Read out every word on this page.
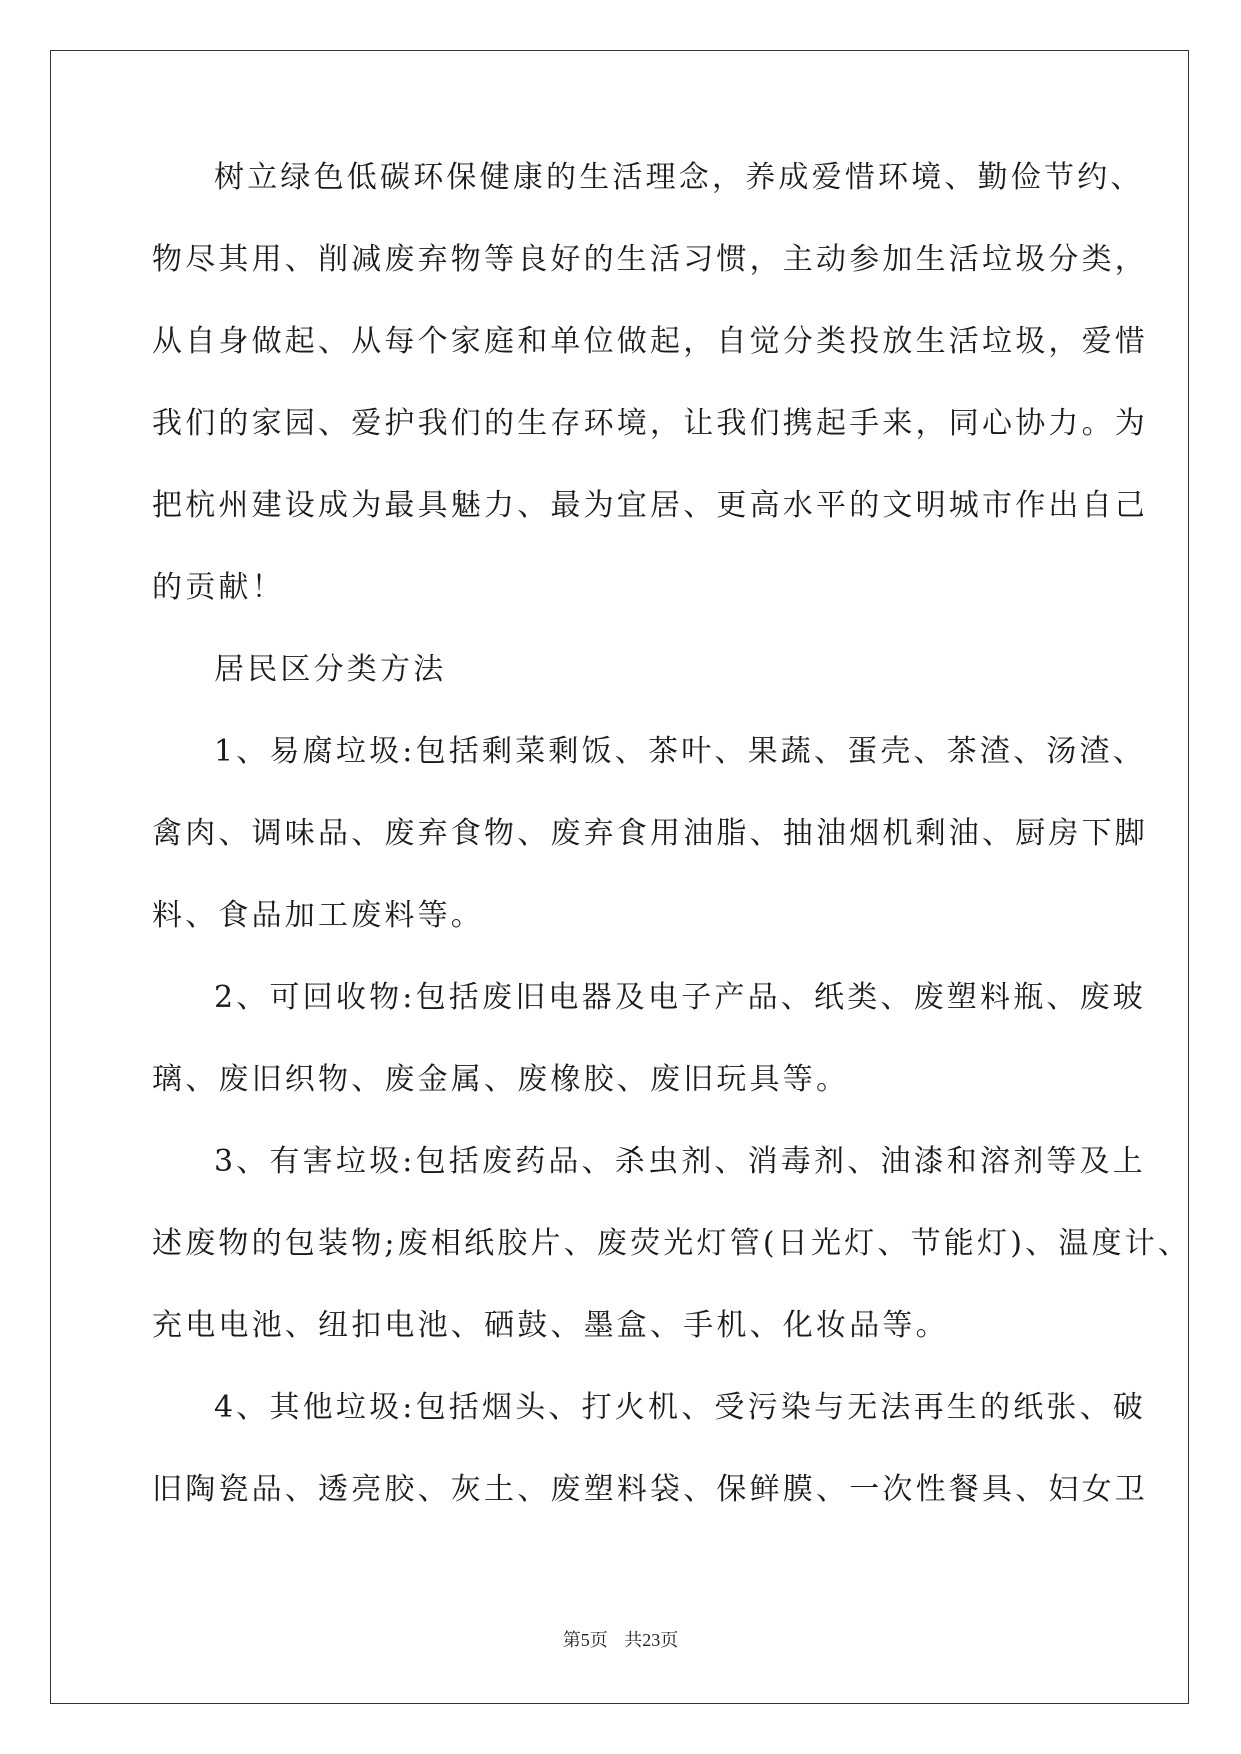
树立绿色低碳环保健康的生活理念，养成爱惜环境、勤俭节约、
物尽其用、削减废弃物等良好的生活习惯，主动参加生活垃圾分类，
从自身做起、从每个家庭和单位做起，自觉分类投放生活垃圾，爱惜
我们的家园、爱护我们的生存环境，让我们携起手来，同心协力。为
把杭州建设成为最具魅力、最为宜居、更高水平的文明城市作出自己
的贡献！
居民区分类方法
1、易腐垃圾:包括剩菜剩饭、茶叶、果蔬、蛋壳、茶渣、汤渣、
禽肉、调味品、废弃食物、废弃食用油脂、抽油烟机剩油、厨房下脚
料、食品加工废料等。
2、可回收物:包括废旧电器及电子产品、纸类、废塑料瓶、废玻
璃、废旧织物、废金属、废橡胶、废旧玩具等。
3、有害垃圾:包括废药品、杀虫剂、消毒剂、油漆和溶剂等及上
述废物的包装物;废相纸胶片、废荧光灯管(日光灯、节能灯)、温度计、
充电电池、纽扣电池、硒鼓、墨盒、手机、化妆品等。
4、其他垃圾:包括烟头、打火机、受污染与无法再生的纸张、破
旧陶瓷品、透亮胶、灰土、废塑料袋、保鲜膜、一次性餐具、妇女卫
第5页 共23页
